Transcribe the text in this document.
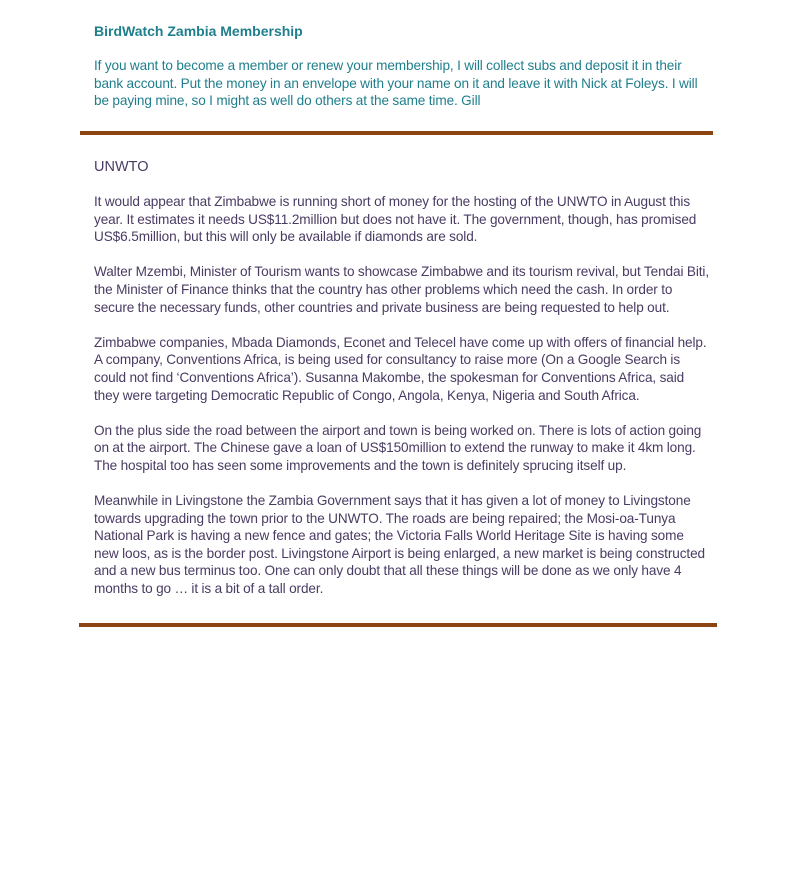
BirdWatch Zambia Membership
If you want to become a member or renew your membership, I will collect subs and deposit it in their bank account. Put the money in an envelope with your name on it and leave it with Nick at Foleys. I will be paying mine, so I might as well do others at the same time. Gill
UNWTO
It would appear that Zimbabwe is running short of money for the hosting of the UNWTO in August this year. It estimates it needs US$11.2million but does not have it. The government, though, has promised US$6.5million, but this will only be available if diamonds are sold.
Walter Mzembi, Minister of Tourism wants to showcase Zimbabwe and its tourism revival, but Tendai Biti, the Minister of Finance thinks that the country has other problems which need the cash. In order to secure the necessary funds, other countries and private business are being requested to help out.
Zimbabwe companies, Mbada Diamonds, Econet and Telecel have come up with offers of financial help. A company, Conventions Africa, is being used for consultancy to raise more (On a Google Search is could not find ‘Conventions Africa’). Susanna Makombe, the spokesman for Conventions Africa, said they were targeting Democratic Republic of Congo, Angola, Kenya, Nigeria and South Africa.
On the plus side the road between the airport and town is being worked on. There is lots of action going on at the airport. The Chinese gave a loan of US$150million to extend the runway to make it 4km long. The hospital too has seen some improvements and the town is definitely sprucing itself up.
Meanwhile in Livingstone the Zambia Government says that it has given a lot of money to Livingstone towards upgrading the town prior to the UNWTO. The roads are being repaired; the Mosi-oa-Tunya National Park is having a new fence and gates; the Victoria Falls World Heritage Site is having some new loos, as is the border post. Livingstone Airport is being enlarged, a new market is being constructed and a new bus terminus too. One can only doubt that all these things will be done as we only have 4 months to go … it is a bit of a tall order.
